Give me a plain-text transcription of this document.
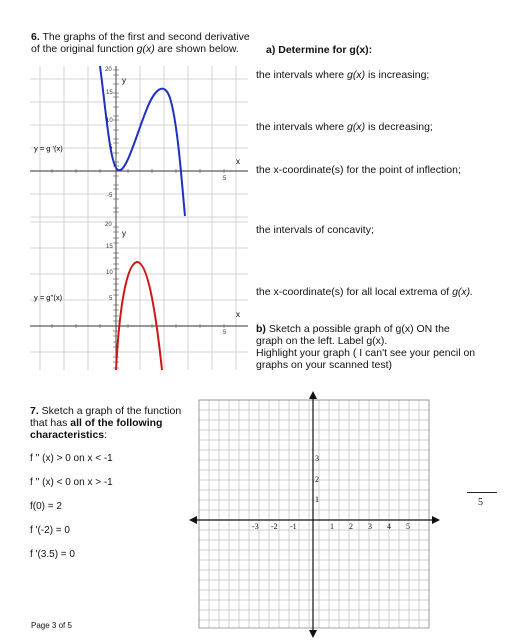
6. The graphs of the first and second derivative
of the original function g(x) are shown below.	a) Determine for g(x):
the intervals where g(x) is increasing;
the intervals where g(x) is decreasing;
the x-coordinate(s) for the point of inflection;
the intervals of concavity;
the x-coordinate(s) for all local extrema of g(x).
b) Sketch a possible graph of g(x) ON the
graph on the left. Label g(x).
Highlight your graph ( I can't see your pencil on
graphs on your scanned test)
20
15
10
5
-5
y
x
5
y = g '(x)
20
15
10
5
y
x
5
y = g''(x)
7. Sketch a graph of the function
that has all of the following
characteristics:
f '' (x) > 0 on x < -1
f '' (x) < 0 on x > -1
f(0) = 2
f '(-2) = 0
f '(3.5) = 0
-3 -2 -1	1 2 3 4 5
3
2
1	5
Page 3 of 5
